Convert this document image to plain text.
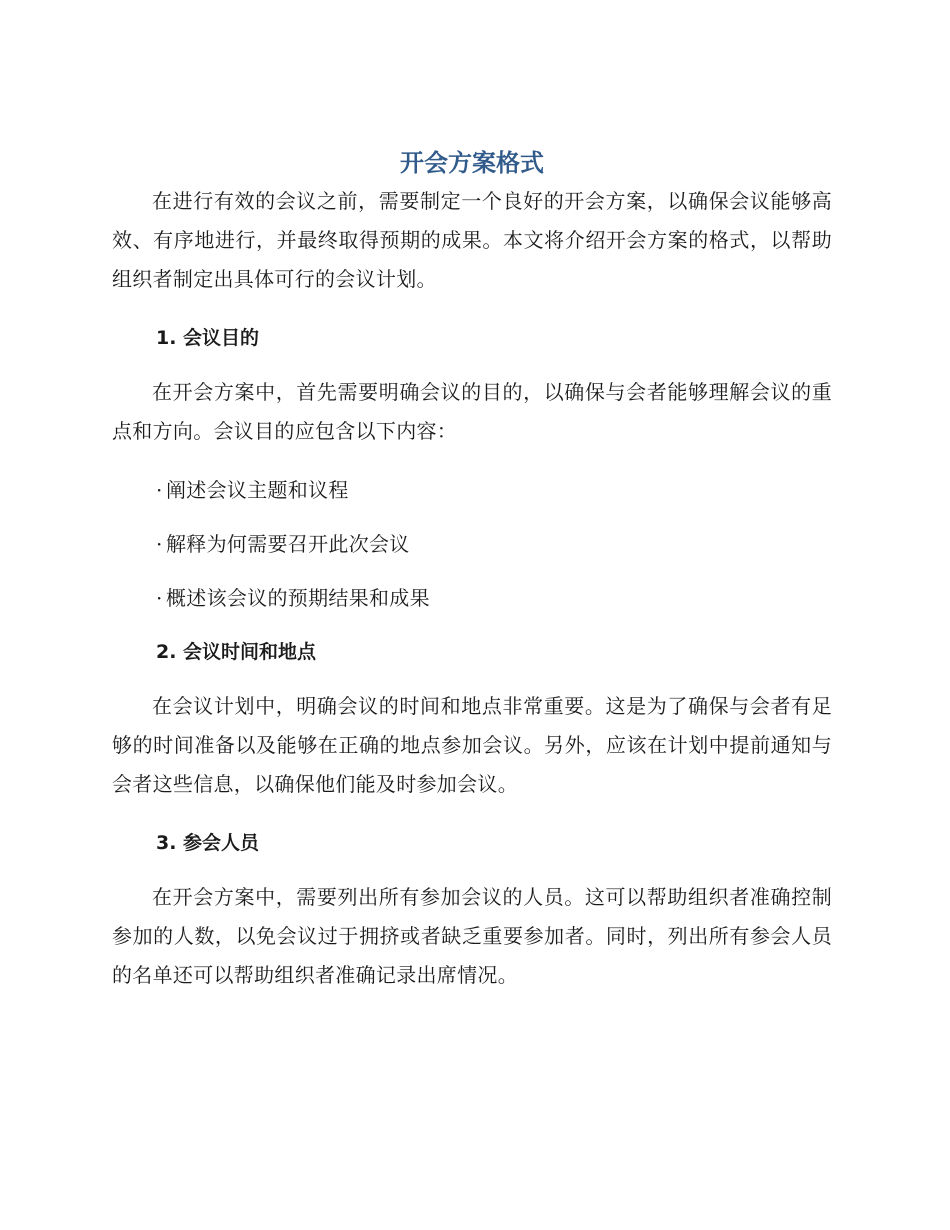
开会方案格式

在进行有效的会议之前，需要制定一个良好的开会方案，以确保会议能够高效、有序地进行，并最终取得预期的成果。本文将介绍开会方案的格式，以帮助组织者制定出具体可行的会议计划。

1. 会议目的

在开会方案中，首先需要明确会议的目的，以确保与会者能够理解会议的重点和方向。会议目的应包含以下内容：

· 阐述会议主题和议程
· 解释为何需要召开此次会议
· 概述该会议的预期结果和成果
2. 会议时间和地点

在会议计划中，明确会议的时间和地点非常重要。这是为了确保与会者有足够的时间准备以及能够在正确的地点参加会议。另外，应该在计划中提前通知与会者这些信息，以确保他们能及时参加会议。

3. 参会人员

在开会方案中，需要列出所有参加会议的人员。这可以帮助组织者准确控制参加的人数，以免会议过于拥挤或者缺乏重要参加者。同时，列出所有参会人员的名单还可以帮助组织者准确记录出席情况。
